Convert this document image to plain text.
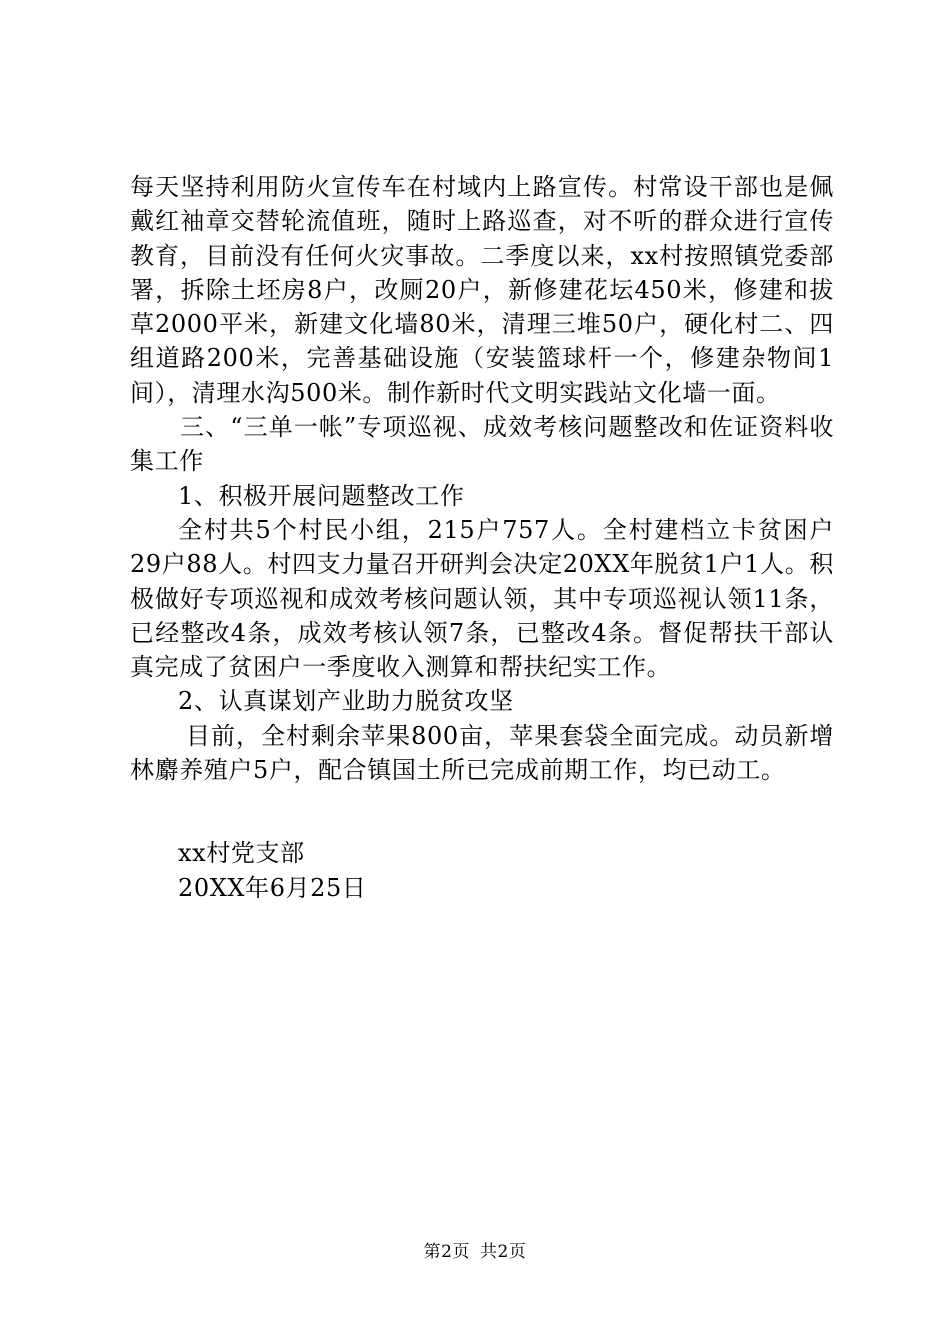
每天坚持利用防火宣传车在村域内上路宣传。村常设干部也是佩戴红袖章交替轮流值班，随时上路巡查，对不听的群众进行宣传教育，目前没有任何火灾事故。二季度以来，xx村按照镇党委部署，拆除土坯房8户，改厕20户，新修建花坛450米，修建和拔草2000平米，新建文化墙80米，清理三堆50户，硬化村二、四组道路200米，完善基础设施（安装篮球杆一个，修建杂物间1间），清理水沟500米。制作新时代文明实践站文化墙一面。

三、“三单一帐”专项巡视、成效考核问题整改和佐证资料收集工作

1、积极开展问题整改工作

全村共5个村民小组，215户757人。全村建档立卡贫困户29户88人。村四支力量召开研判会决定20XX年脱贫1户1人。积极做好专项巡视和成效考核问题认领，其中专项巡视认领11条，已经整改4条，成效考核认领7条，已整改4条。督促帮扶干部认真完成了贫困户一季度收入测算和帮扶纪实工作。

2、认真谋划产业助力脱贫攻坚

目前，全村剩余苹果800亩，苹果套袋全面完成。动员新增林麝养殖户5户，配合镇国土所已完成前期工作，均已动工。

xx村党支部

20XX年6月25日

第2页 共2页
